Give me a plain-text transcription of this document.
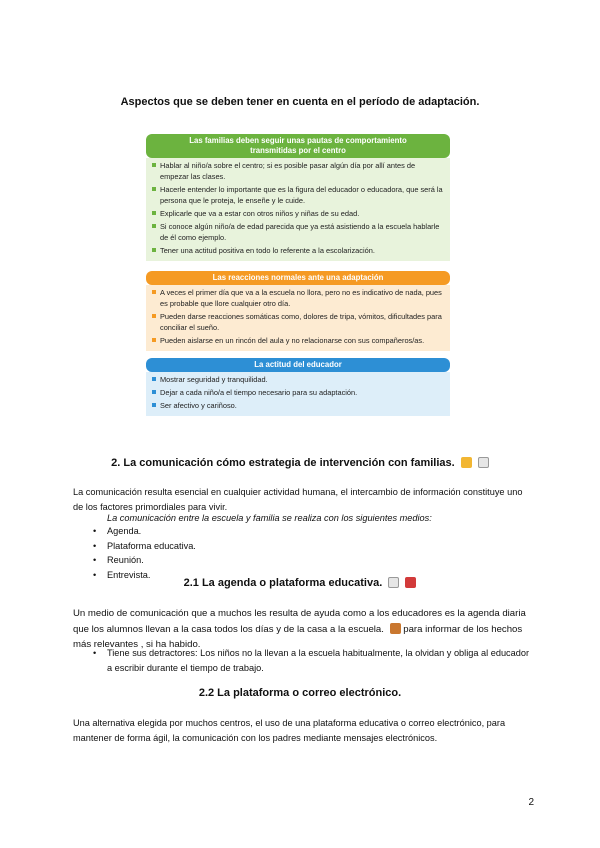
Aspectos que se deben tener en cuenta en el período de adaptación.
Las familias deben seguir unas pautas de comportamiento
transmitidas por el centro
Hablar al niño/a sobre el centro; si es posible pasar algún día por allí antes de empezar las clases.
Hacerle entender lo importante que es la figura del educador o educadora, que será la persona que le proteja, le enseñe y le cuide.
Explicarle que va a estar con otros niños y niñas de su edad.
Si conoce algún niño/a de edad parecida que ya está asistiendo a la escuela hablarle de él como ejemplo.
Tener una actitud positiva en todo lo referente a la escolarización.
Las reacciones normales ante una adaptación
A veces el primer día que va a la escuela no llora, pero no es indicativo de nada, pues es probable que llore cualquier otro día.
Pueden darse reacciones somáticas como, dolores de tripa, vómitos, dificultades para conciliar el sueño.
Pueden aislarse en un rincón del aula y no relacionarse con sus compañeros/as.
La actitud del educador
Mostrar seguridad y tranquilidad.
Dejar a cada niño/a el tiempo necesario para su adaptación.
Ser afectivo y cariñoso.
2. La comunicación cómo estrategia de intervención con familias.
La comunicación resulta esencial en cualquier actividad humana, el intercambio de información constituye uno de los factores primordiales para vivir.
La comunicación entre la escuela y familia se realiza con los siguientes medios:
• Agenda.
• Plataforma educativa.
• Reunión.
• Entrevista.
2.1 La agenda o plataforma educativa.
Un medio de comunicación que a muchos les resulta de ayuda como a los educadores es la agenda diaria que los alumnos llevan a la casa todos los días y de la casa a la escuela. para informar de los hechos más relevantes , si ha habido.
• Tiene sus detractores: Los niños no la llevan a la escuela habitualmente, la olvidan y obliga al educador a escribir durante el tiempo de trabajo.
2.2 La plataforma o correo electrónico.
Una alternativa elegida por muchos centros, el uso de una plataforma educativa o correo electrónico, para mantener de forma ágil, la comunicación con los padres mediante mensajes electrónicos.
2
